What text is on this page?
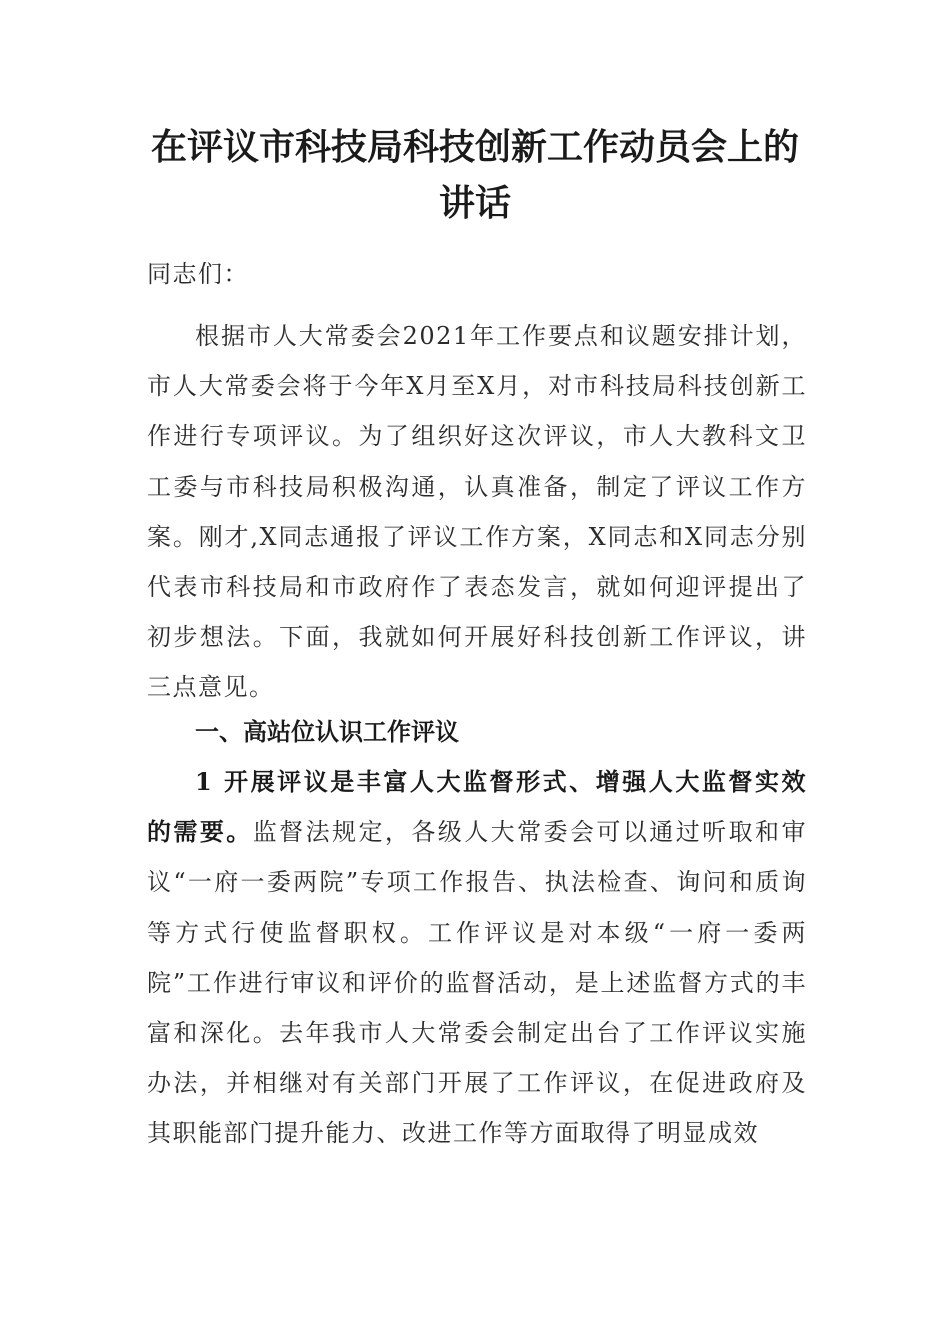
在评议市科技局科技创新工作动员会上的讲话

同志们：

根据市人大常委会2021年工作要点和议题安排计划，市人大常委会将于今年X月至X月，对市科技局科技创新工作进行专项评议。为了组织好这次评议，市人大教科文卫工委与市科技局积极沟通，认真准备，制定了评议工作方案。刚才,X同志通报了评议工作方案，X同志和X同志分别代表市科技局和市政府作了表态发言，就如何迎评提出了初步想法。下面，我就如何开展好科技创新工作评议，讲三点意见。

一、高站位认识工作评议

1 开展评议是丰富人大监督形式、增强人大监督实效的需要。监督法规定，各级人大常委会可以通过听取和审议“一府一委两院”专项工作报告、执法检查、询问和质询等方式行使监督职权。工作评议是对本级“一府一委两院”工作进行审议和评价的监督活动，是上述监督方式的丰富和深化。去年我市人大常委会制定出台了工作评议实施办法，并相继对有关部门开展了工作评议，在促进政府及其职能部门提升能力、改进工作等方面取得了明显成效
